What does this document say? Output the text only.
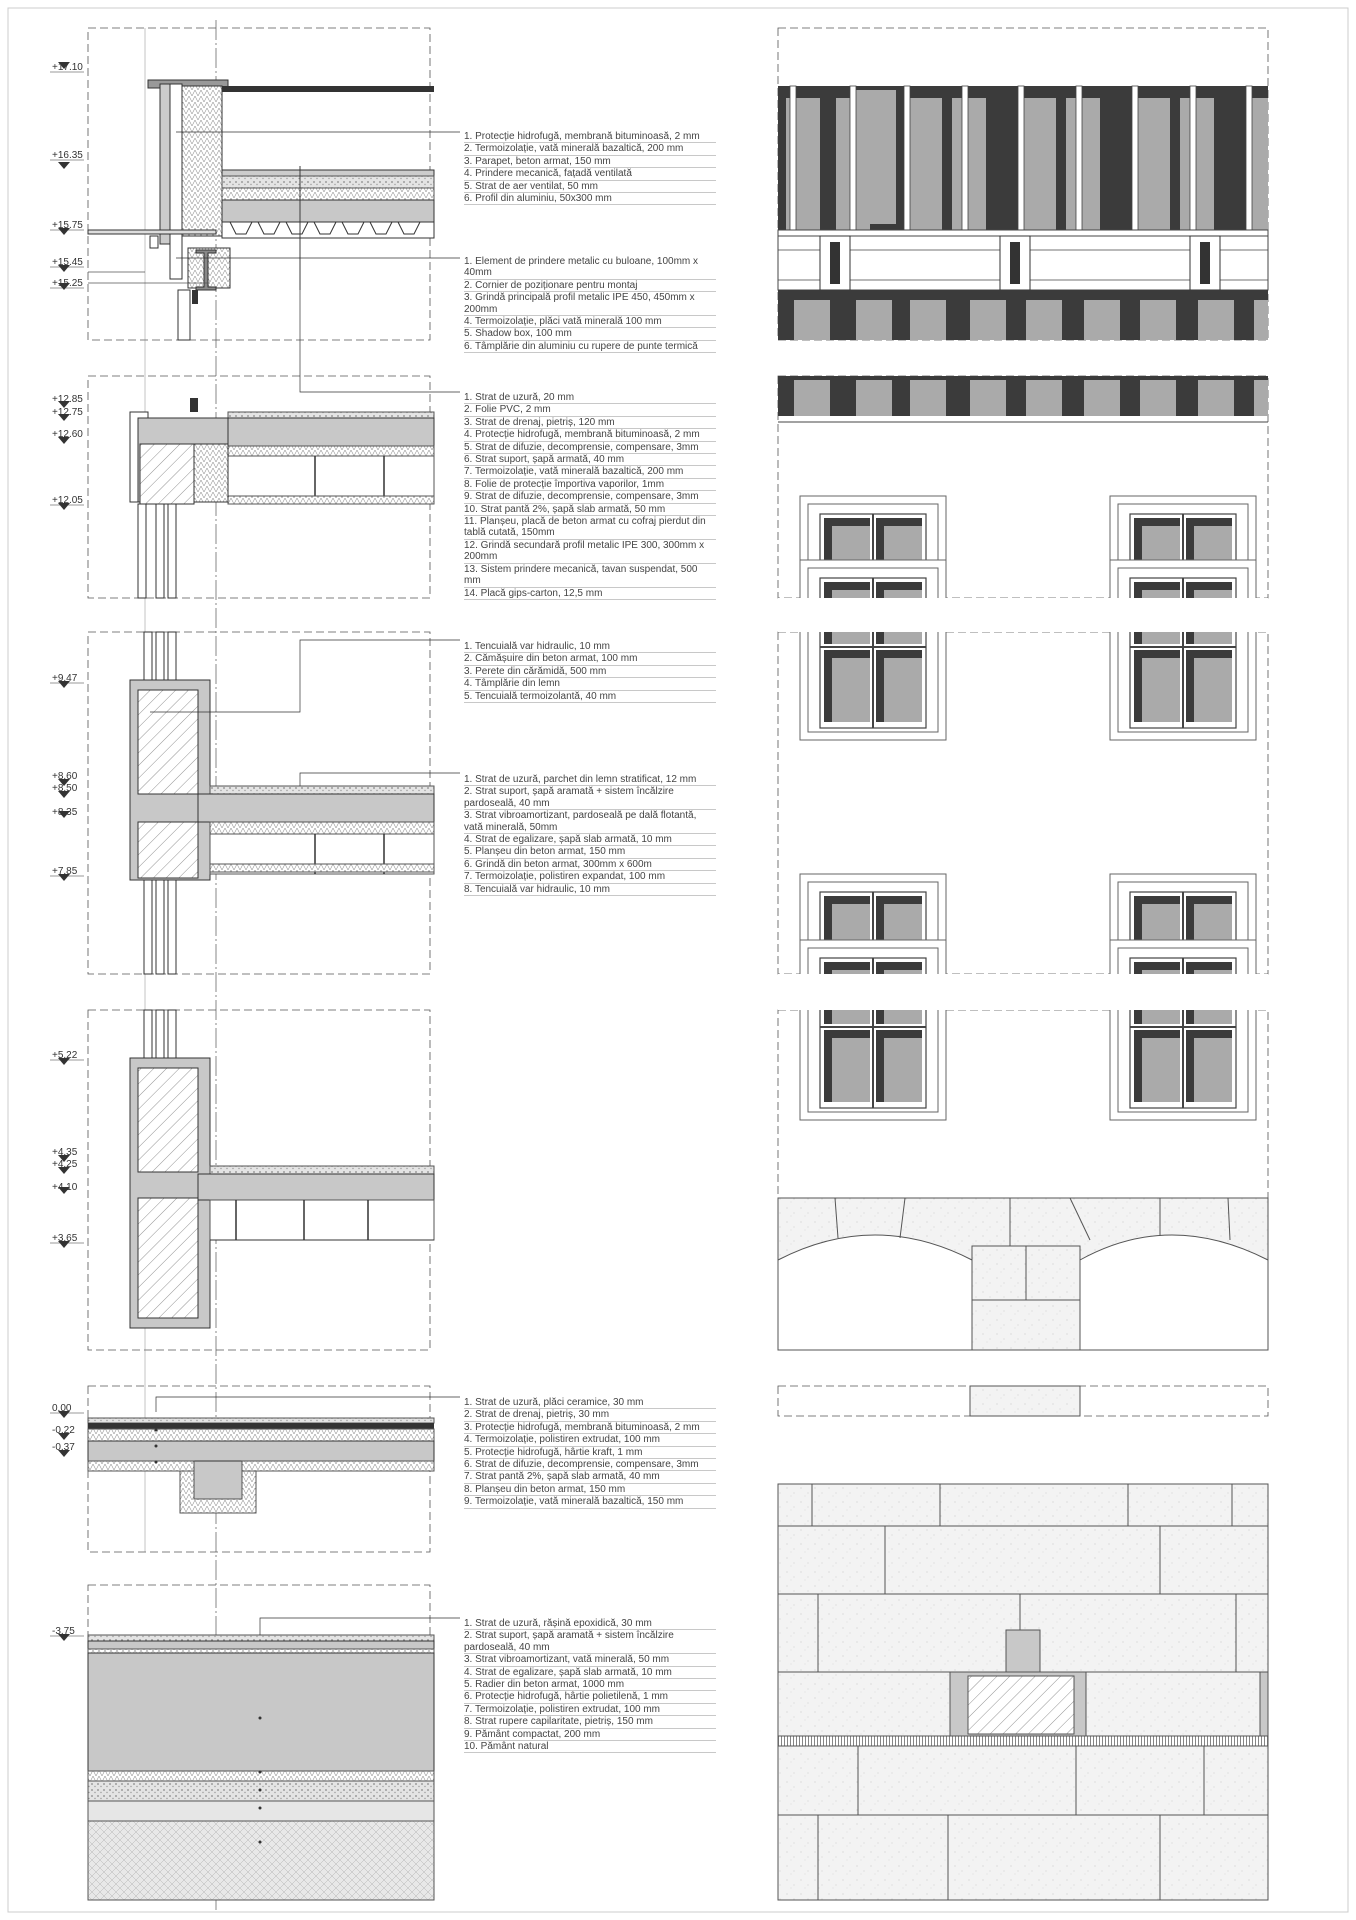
+17.10
+16.35
+15.75
+15.45
+15.25
+12.85
+12.75
+12.60
+12.05
+9.47
+8.60
+8.50
+8.35
+7.85
+5.22
+4.35
+4.25
+4.10
+3.65
0.00
-0.22
-0.37
-3.75
1. Protecție hidrofugă, membrană bituminoasă, 2 mm
2. Termoizolație, vată minerală bazaltică, 200 mm
3. Parapet, beton armat, 150 mm
4. Prindere mecanică, fațadă ventilată
5. Strat de aer ventilat, 50 mm
6. Profil din aluminiu, 50x300 mm
1. Element de prindere metalic cu buloane, 100mm x 40mm
2. Cornier de poziționare pentru montaj
3. Grindă principală profil metalic IPE 450, 450mm x 200mm
4. Termoizolație, plăci vată minerală 100 mm
5. Shadow box, 100 mm
6. Tâmplărie din aluminiu cu rupere de punte termică
1. Strat de uzură, 20 mm
2. Folie PVC, 2 mm
3. Strat de drenaj, pietriș, 120 mm
4. Protecție hidrofugă, membrană bituminoasă, 2 mm
5. Strat de difuzie, decomprensie, compensare, 3mm
6. Strat suport, șapă armată, 40 mm
7. Termoizolație, vată minerală bazaltică, 200 mm
8. Folie de protecție împortiva vaporilor, 1mm
9. Strat de difuzie, decomprensie, compensare, 3mm
10. Strat pantă 2%, șapă slab armată, 50 mm
11. Planșeu, placă de beton armat cu cofraj pierdut din tablă cutată, 150mm
12. Grindă secundară profil metalic IPE 300, 300mm x 200mm
13. Sistem prindere mecanică, tavan suspendat, 500 mm
14. Placă gips-carton, 12,5 mm
1. Tencuială var hidraulic, 10 mm
2. Cămășuire din beton armat, 100 mm
3. Perete din cărămidă, 500 mm
4. Tâmplărie din lemn
5. Tencuială termoizolantă, 40 mm
1. Strat de uzură, parchet din lemn stratificat, 12 mm
2. Strat suport, șapă aramată + sistem încălzire pardoseală, 40 mm
3. Strat vibroamortizant, pardoseală pe dală flotantă, vată minerală, 50mm
4. Strat de egalizare, șapă slab armată, 10 mm
5. Planșeu din beton armat, 150 mm
6. Grindă din beton armat, 300mm x 600m
7. Termoizolație, polistiren expandat, 100 mm
8. Tencuială var hidraulic, 10 mm
1. Strat de uzură, plăci ceramice, 30 mm
2. Strat de drenaj, pietriș, 30 mm
3. Protecție hidrofugă, membrană bituminoasă, 2 mm
4. Termoizolație, polistiren extrudat, 100 mm
5. Protecție hidrofugă, hârtie kraft, 1 mm
6. Strat de difuzie, decomprensie, compensare, 3mm
7. Strat pantă 2%, șapă slab armată, 40 mm
8. Planșeu din beton armat, 150 mm
9. Termoizolație, vată minerală bazaltică, 150 mm
1. Strat de uzură, rășină epoxidică, 30 mm
2. Strat suport, șapă aramată + sistem încălzire pardoseală, 40 mm
3. Strat vibroamortizant, vată minerală, 50 mm
4. Strat de egalizare, șapă slab armată, 10 mm
5. Radier din beton armat, 1000 mm
6. Protecție hidrofugă, hârtie polietilenă, 1 mm
7. Termoizolație, polistiren extrudat, 100 mm
8. Strat rupere capilaritate, pietriș, 150 mm
9. Pământ compactat, 200 mm
10. Pământ natural
